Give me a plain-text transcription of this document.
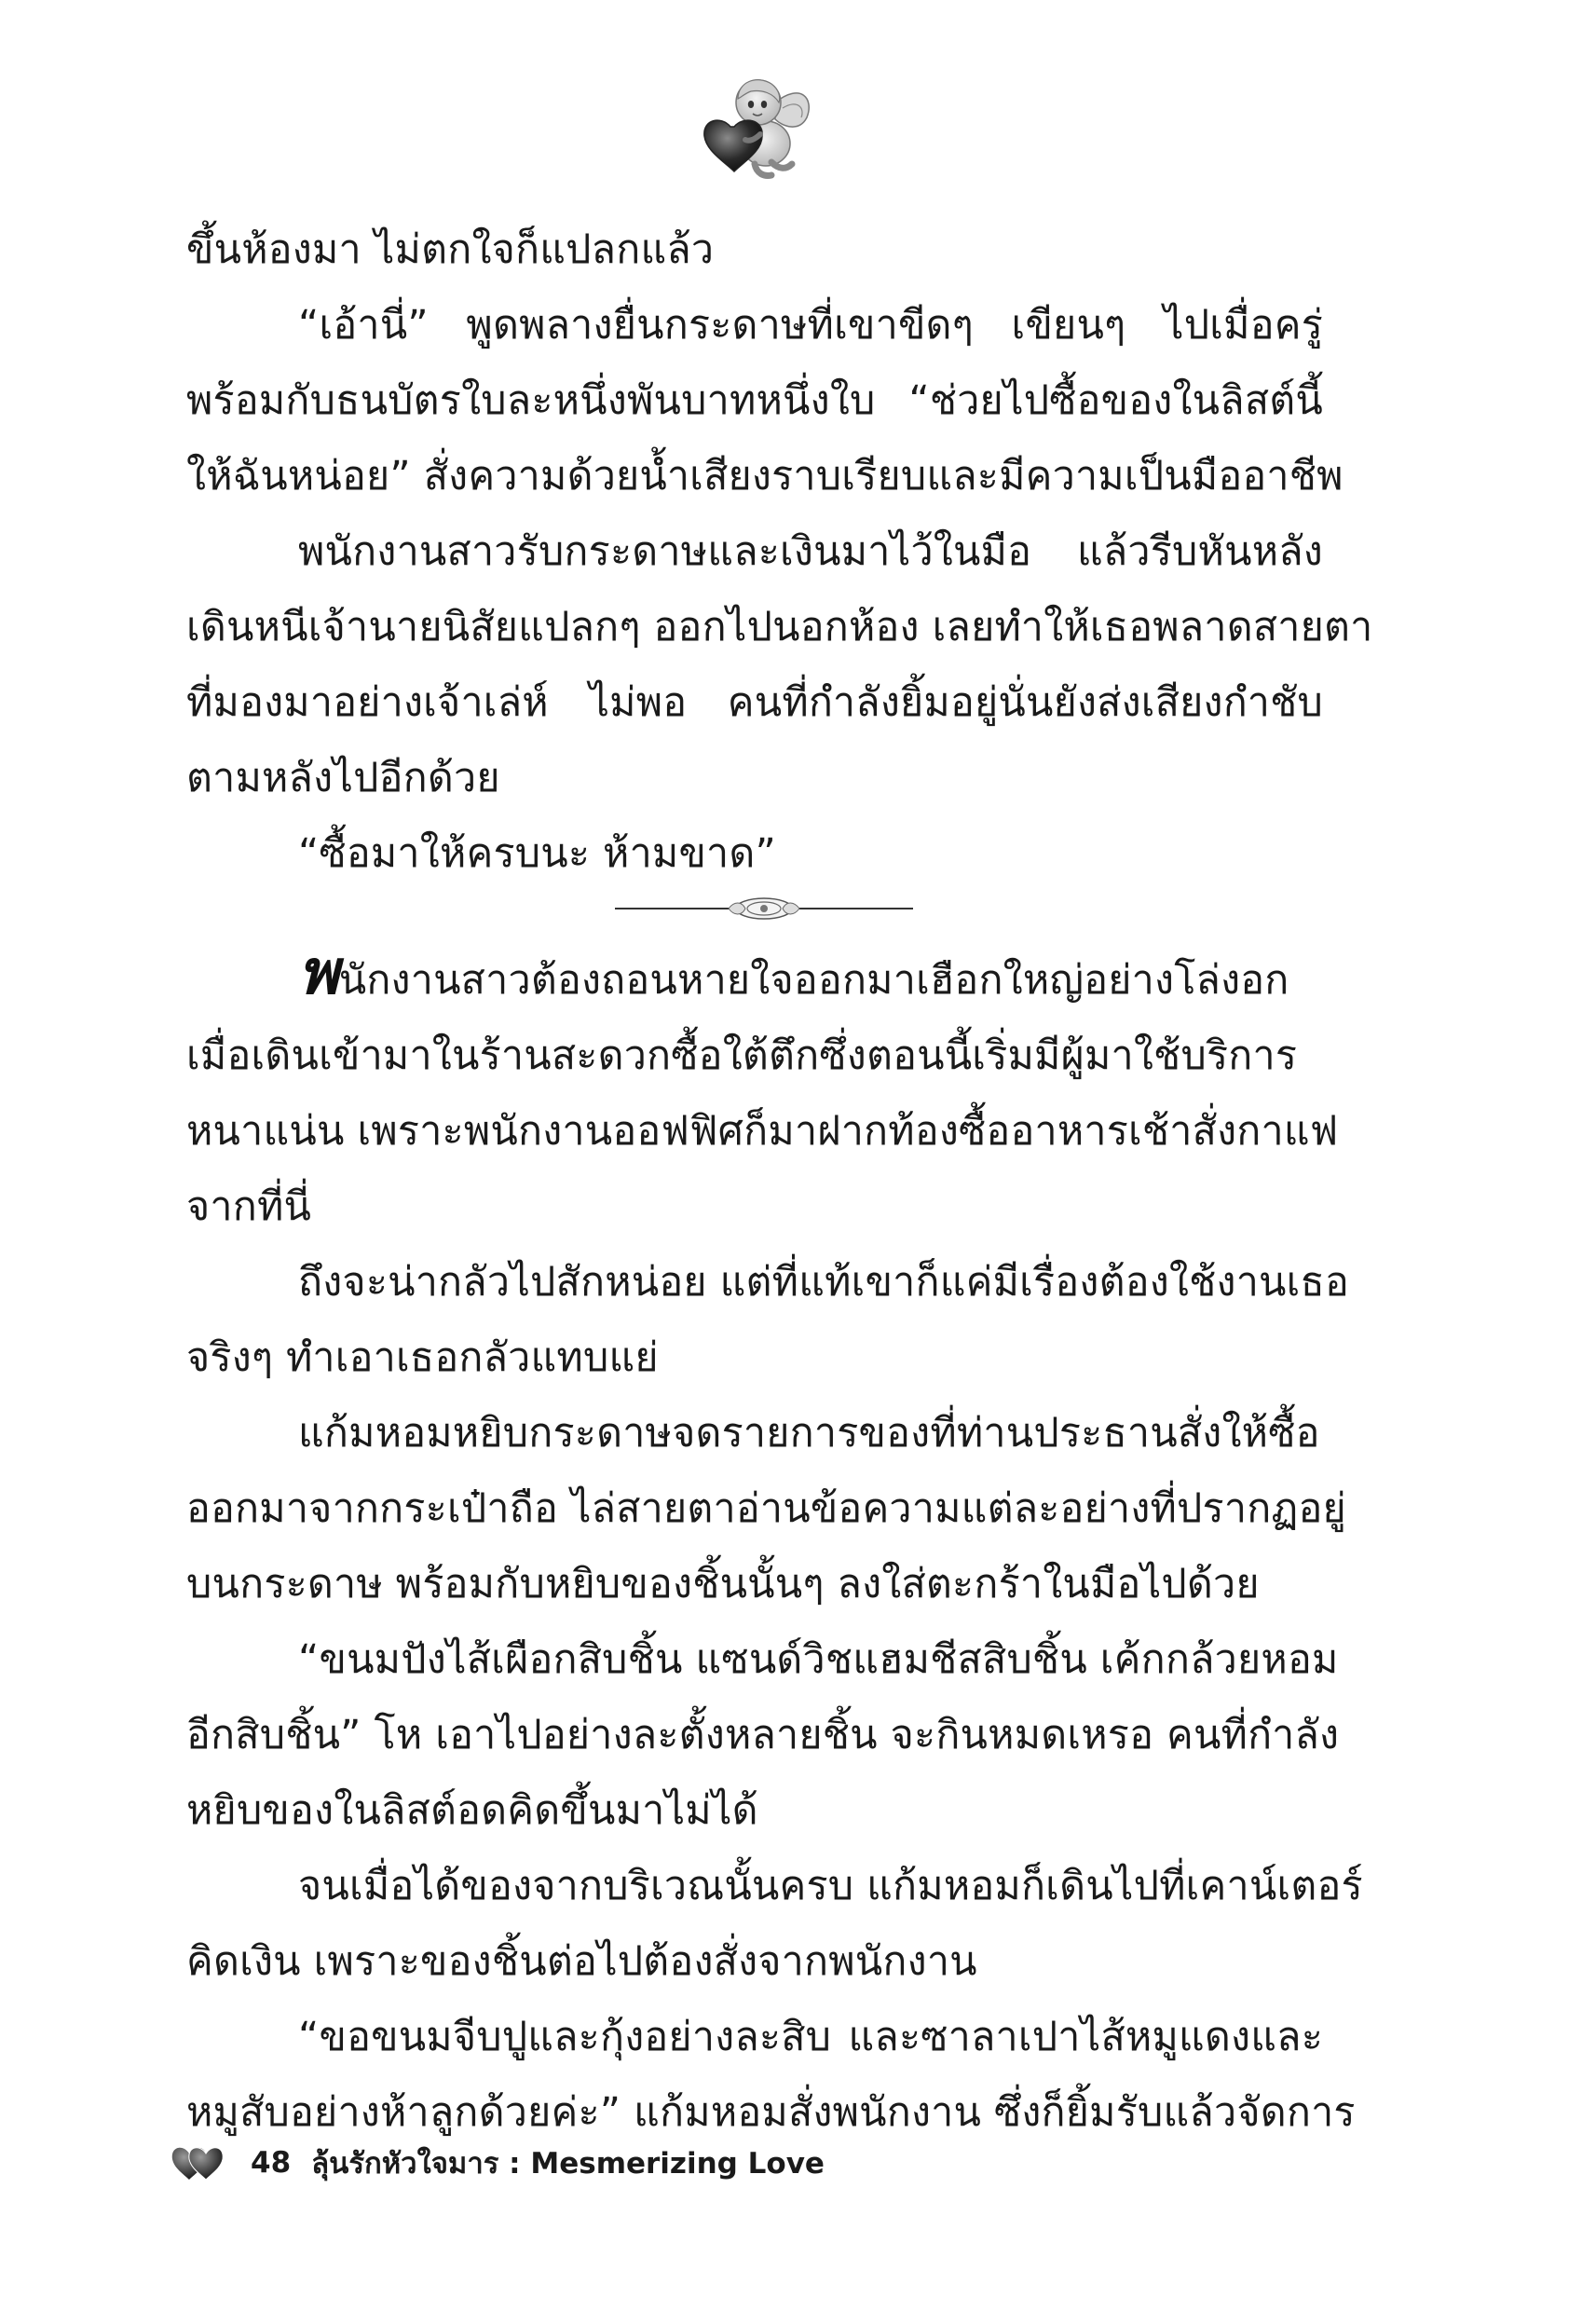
ขึ้นห้องมา ไม่ตกใจก็แปลกแล้ว
“เอ้านี่” พูดพลางยื่นกระดาษที่เขาขีดๆ เขียนๆ ไปเมื่อครู่
พร้อมกับธนบัตรใบละหนึ่งพันบาทหนึ่งใบ “ช่วยไปซื้อของในลิสต์นี้
ให้ฉันหน่อย” สั่งความด้วยน้ำเสียงราบเรียบและมีความเป็นมืออาชีพ
พนักงานสาวรับกระดาษและเงินมาไว้ในมือ แล้วรีบหันหลัง
เดินหนีเจ้านายนิสัยแปลกๆ ออกไปนอกห้อง เลยทำให้เธอพลาดสายตา
ที่มองมาอย่างเจ้าเล่ห์ ไม่พอ คนที่กำลังยิ้มอยู่นั่นยังส่งเสียงกำชับ
ตามหลังไปอีกด้วย
“ซื้อมาให้ครบนะ ห้ามขาด”
พนักงานสาวต้องถอนหายใจออกมาเฮือกใหญ่อย่างโล่งอก
เมื่อเดินเข้ามาในร้านสะดวกซื้อใต้ตึกซึ่งตอนนี้เริ่มมีผู้มาใช้บริการ
หนาแน่น เพราะพนักงานออฟฟิศก็มาฝากท้องซื้ออาหารเช้าสั่งกาแฟ
จากที่นี่
ถึงจะน่ากลัวไปสักหน่อย แต่ที่แท้เขาก็แค่มีเรื่องต้องใช้งานเธอ
จริงๆ ทำเอาเธอกลัวแทบแย่
แก้มหอมหยิบกระดาษจดรายการของที่ท่านประธานสั่งให้ซื้อ
ออกมาจากกระเป๋าถือ ไล่สายตาอ่านข้อความแต่ละอย่างที่ปรากฏอยู่
บนกระดาษ พร้อมกับหยิบของชิ้นนั้นๆ ลงใส่ตะกร้าในมือไปด้วย
“ขนมปังไส้เผือกสิบชิ้น แซนด์วิชแฮมชีสสิบชิ้น เค้กกล้วยหอม
อีกสิบชิ้น” โห เอาไปอย่างละตั้งหลายชิ้น จะกินหมดเหรอ คนที่กำลัง
หยิบของในลิสต์อดคิดขึ้นมาไม่ได้
จนเมื่อได้ของจากบริเวณนั้นครบ แก้มหอมก็เดินไปที่เคาน์เตอร์
คิดเงิน เพราะของชิ้นต่อไปต้องสั่งจากพนักงาน
“ขอขนมจีบปูและกุ้งอย่างละสิบ และซาลาเปาไส้หมูแดงและ
หมูสับอย่างห้าลูกด้วยค่ะ” แก้มหอมสั่งพนักงาน ซึ่งก็ยิ้มรับแล้วจัดการ
48 ลุ้นรักหัวใจมาร : Mesmerizing Love
